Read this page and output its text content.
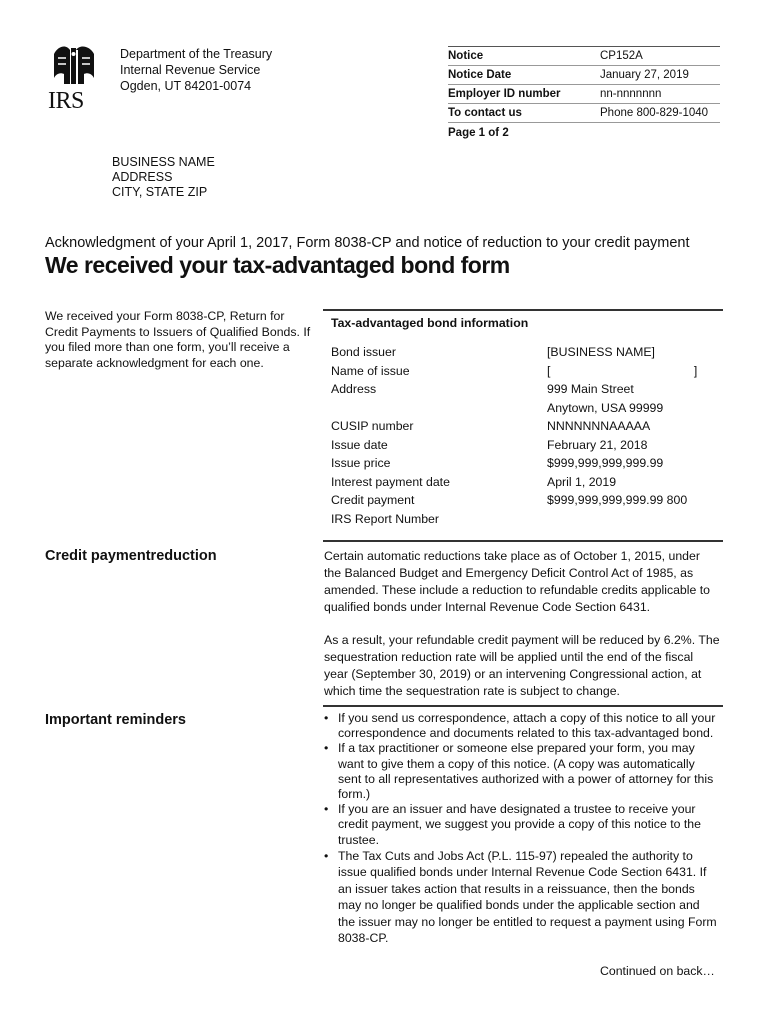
IRS
Department of the Treasury
Internal Revenue Service
Ogden, UT 84201-0074
Notice	CP152A
Notice Date	January 27, 2019
Employer ID number	nn-nnnnnnn
To contact us	Phone 800-829-1040
Page 1 of 2
BUSINESS NAME
ADDRESS
CITY, STATE ZIP
Acknowledgment of your April 1, 2017, Form 8038-CP and notice of reduction to your credit payment
We received your tax-advantaged bond form
We received your Form 8038-CP, Return for Credit Payments to Issuers of Qualified Bonds. If you filed more than one form, you’ll receive a separate acknowledgment for each one.
Tax-advantaged bond information
Bond issuer	[BUSINESS NAME]
Name of issue	[                                          ]
Address	999 Main Street
Anytown, USA 99999
CUSIP number	NNNNNNNAAAAA
Issue date	February 21, 2018
Issue price	$999,999,999,999.99
Interest payment date	April 1, 2019
Credit payment	$999,999,999,999.99 800
IRS Report Number
Credit paymentreduction	Certain automatic reductions take place as of October 1, 2015, under the Balanced Budget and Emergency Deficit Control Act of 1985, as amended. These include a reduction to refundable credits applicable to qualified bonds under Internal Revenue Code Section 6431.
As a result, your refundable credit payment will be reduced by 6.2%. The sequestration reduction rate will be applied until the end of the fiscal year (September 30, 2019) or an intervening Congressional action, at which time the sequestration rate is subject to change.
Important reminders
•	If you send us correspondence, attach a copy of this notice to all your correspondence and documents related to this tax-advantaged bond.
• If a tax practitioner or someone else prepared your form, you may want to give them a copy of this notice. (A copy was automatically sent to all representatives authorized with a power of attorney for this form.)
• If you are an issuer and have designated a trustee to receive your credit payment, we suggest you provide a copy of this notice to the trustee.
• The Tax Cuts and Jobs Act (P.L. 115-97) repealed the authority to issue qualified bonds under Internal Revenue Code Section 6431. If an issuer takes action that results in a reissuance, then the bonds may no longer be qualified bonds under the applicable section and the issuer may no longer be entitled to request a payment using Form 8038-CP.
Continued on back…
